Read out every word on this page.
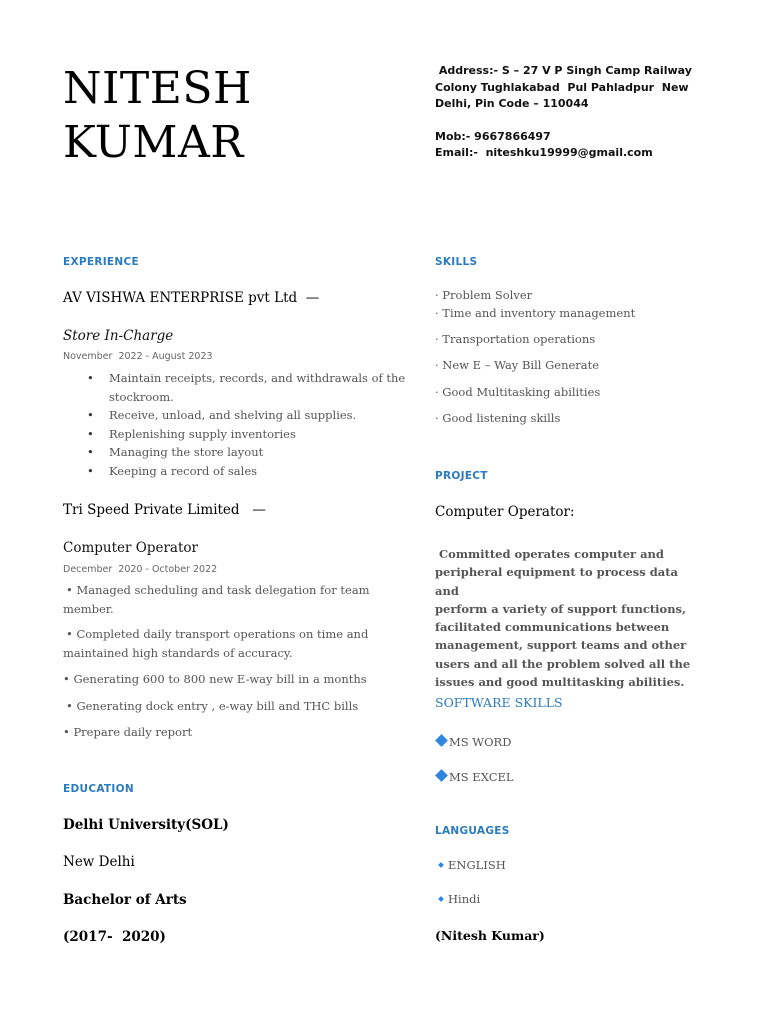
NITESH
KUMAR
Address:- S – 27 V P Singh Camp Railway
Colony Tughlakabad  Pul Pahladpur  New
Delhi, Pin Code – 110044
Mob:- 9667866497
Email:-  niteshku19999@gmail.com
EXPERIENCE
AV VISHWA ENTERPRISE pvt Ltd  —
Store In-Charge
November  2022 - August 2023
• Maintain receipts, records, and withdrawals of the
stockroom.
• Receive, unload, and shelving all supplies.
• Replenishing supply inventories
• Managing the store layout
• Keeping a record of sales
Tri Speed Private Limited   —
Computer Operator
December  2020 - October 2022
• Managed scheduling and task delegation for team
member.
• Completed daily transport operations on time and
maintained high standards of accuracy.
• Generating 600 to 800 new E-way bill in a months
• Generating dock entry , e-way bill and THC bills
• Prepare daily report
EDUCATION
Delhi University(SOL)
New Delhi
Bachelor of Arts
(2017-  2020)
SKILLS
· Problem Solver
· Time and inventory management
· Transportation operations
· New E – Way Bill Generate
· Good Multitasking abilities
· Good listening skills
PROJECT
Computer Operator:
Committed operates computer and
peripheral equipment to process data and
perform a variety of support functions,
facilitated communications between
management, support teams and other
users and all the problem solved all the
issues and good multitasking abilities.
SOFTWARE SKILLS
MS WORD
MS EXCEL
LANGUAGES
ENGLISH
Hindi
(Nitesh Kumar)
